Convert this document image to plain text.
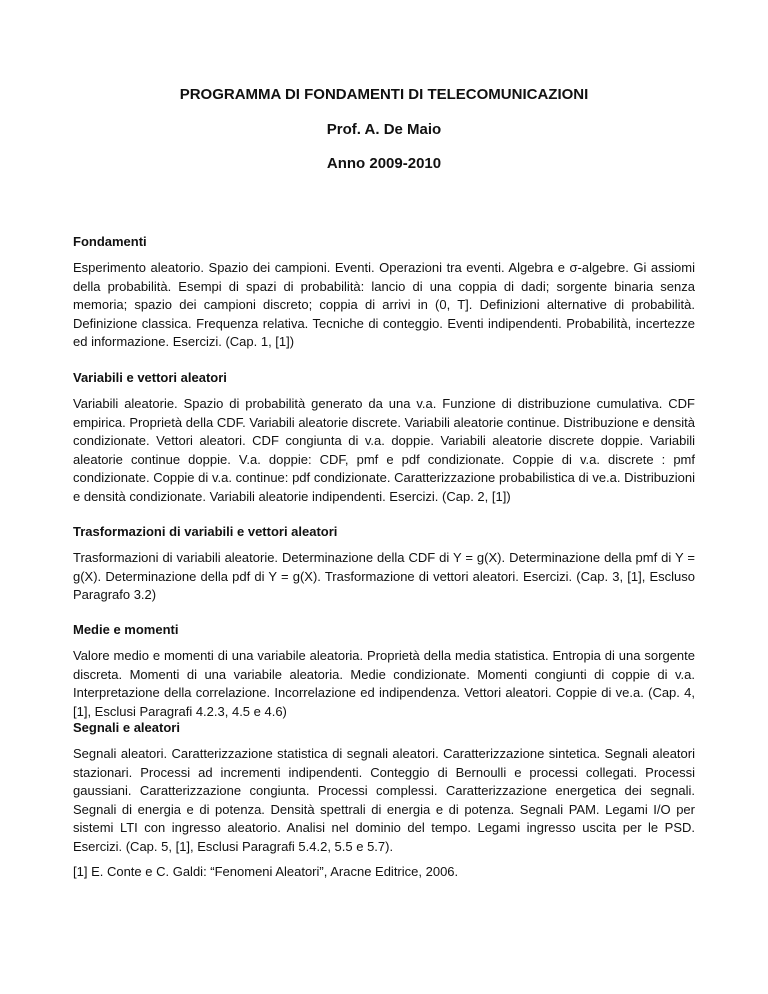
PROGRAMMA DI FONDAMENTI DI TELECOMUNICAZIONI
Prof. A. De Maio
Anno 2009-2010
Fondamenti

Esperimento aleatorio. Spazio dei campioni. Eventi. Operazioni tra eventi. Algebra e σ-algebre. Gi assiomi della probabilità. Esempi di spazi di probabilità: lancio di una coppia di dadi; sorgente binaria senza memoria; spazio dei campioni discreto; coppia di arrivi in (0, T]. Definizioni alternative di probabilità. Definizione classica. Frequenza relativa. Tecniche di conteggio. Eventi indipendenti. Probabilità, incertezze ed informazione. Esercizi. (Cap. 1, [1])

Variabili e vettori aleatori

Variabili aleatorie. Spazio di probabilità generato da una v.a. Funzione di distribuzione cumulativa. CDF empirica. Proprietà della CDF. Variabili aleatorie discrete. Variabili aleatorie continue. Distribuzione e densità condizionate. Vettori aleatori. CDF congiunta di v.a. doppie. Variabili aleatorie discrete doppie. Variabili aleatorie continue doppie. V.a. doppie: CDF, pmf e pdf condizionate. Coppie di v.a. discrete : pmf condizionate. Coppie di v.a. continue: pdf condizionate. Caratterizzazione probabilistica di ve.a. Distribuzioni e densità condizionate. Variabili aleatorie indipendenti. Esercizi. (Cap. 2, [1])

Trasformazioni di variabili e vettori aleatori

Trasformazioni di variabili aleatorie. Determinazione della CDF di Y = g(X). Determinazione della pmf di Y = g(X). Determinazione della pdf di Y = g(X). Trasformazione di vettori aleatori. Esercizi. (Cap. 3, [1], Escluso Paragrafo 3.2)

Medie e momenti

Valore medio e momenti di una variabile aleatoria. Proprietà della media statistica. Entropia di una sorgente discreta. Momenti di una variabile aleatoria. Medie condizionate. Momenti congiunti di coppie di v.a. Interpretazione della correlazione. Incorrelazione ed indipendenza. Vettori aleatori. Coppie di ve.a. (Cap. 4, [1], Esclusi Paragrafi 4.2.3, 4.5 e 4.6)

Segnali e aleatori

Segnali aleatori. Caratterizzazione statistica di segnali aleatori. Caratterizzazione sintetica. Segnali aleatori stazionari. Processi ad incrementi indipendenti. Conteggio di Bernoulli e processi collegati. Processi gaussiani. Caratterizzazione congiunta. Processi complessi. Caratterizzazione energetica dei segnali. Segnali di energia e di potenza. Densità spettrali di energia e di potenza. Segnali PAM. Legami I/O per sistemi LTI con ingresso aleatorio. Analisi nel dominio del tempo. Legami ingresso uscita per le PSD. Esercizi. (Cap. 5, [1], Esclusi Paragrafi 5.4.2, 5.5 e 5.7).

[1] E. Conte e C. Galdi: “Fenomeni Aleatori”, Aracne Editrice, 2006.
